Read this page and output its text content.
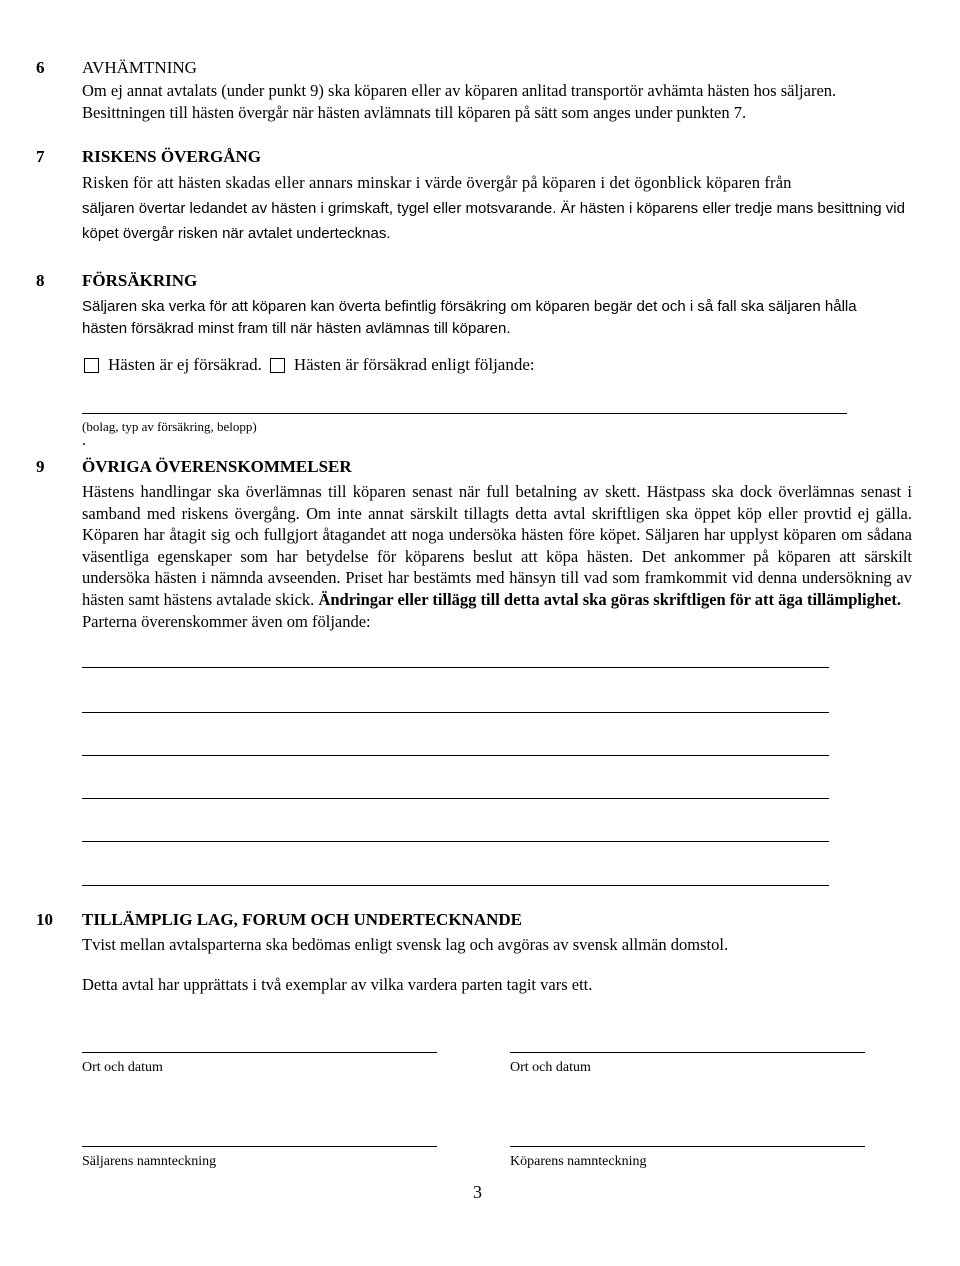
6 AVHÄMTNING
Om ej annat avtalats (under punkt 9) ska köparen eller av köparen anlitad transportör avhämta hästen hos säljaren. Besittningen till hästen övergår när hästen avlämnats till köparen på sätt som anges under punkten 7.
7 RISKENS ÖVERGÅNG
Risken för att hästen skadas eller annars minskar i värde övergår på köparen i det ögonblick köparen från
säljaren övertar ledandet av hästen i grimskaft, tygel eller motsvarande. Är hästen i köparens eller tredje mans besittning vid köpet övergår risken när avtalet undertecknas.
8 FÖRSÄKRING
Säljaren ska verka för att köparen kan överta befintlig försäkring om köparen begär det och i så fall ska säljaren hålla hästen försäkrad minst fram till när hästen avlämnas till köparen.
Hästen är ej försäkrad. Hästen är försäkrad enligt följande:
(bolag, typ av försäkring, belopp)
.
9 ÖVRIGA ÖVERENSKOMMELSER
Hästens handlingar ska överlämnas till köparen senast när full betalning av skett. Hästpass ska dock överlämnas senast i samband med riskens övergång. Om inte annat särskilt tillagts detta avtal skriftligen ska öppet köp eller provtid ej gälla. Köparen har åtagit sig och fullgjort åtagandet att noga undersöka hästen före köpet. Säljaren har upplyst köparen om sådana väsentliga egenskaper som har betydelse för köparens beslut att köpa hästen. Det ankommer på köparen att särskilt undersöka hästen i nämnda avseenden. Priset har bestämts med hänsyn till vad som framkommit vid denna undersökning av hästen samt hästens avtalade skick. Ändringar eller tillägg till detta avtal ska göras skriftligen för att äga tillämplighet.
Parterna överenskommer även om följande:
10 TILLÄMPLIG LAG, FORUM OCH UNDERTECKNANDE
Tvist mellan avtalsparterna ska bedömas enligt svensk lag och avgöras av svensk allmän domstol.
Detta avtal har upprättats i två exemplar av vilka vardera parten tagit vars ett.
Ort och datum	Ort och datum
Säljarens namnteckning	Köparens namnteckning
3
